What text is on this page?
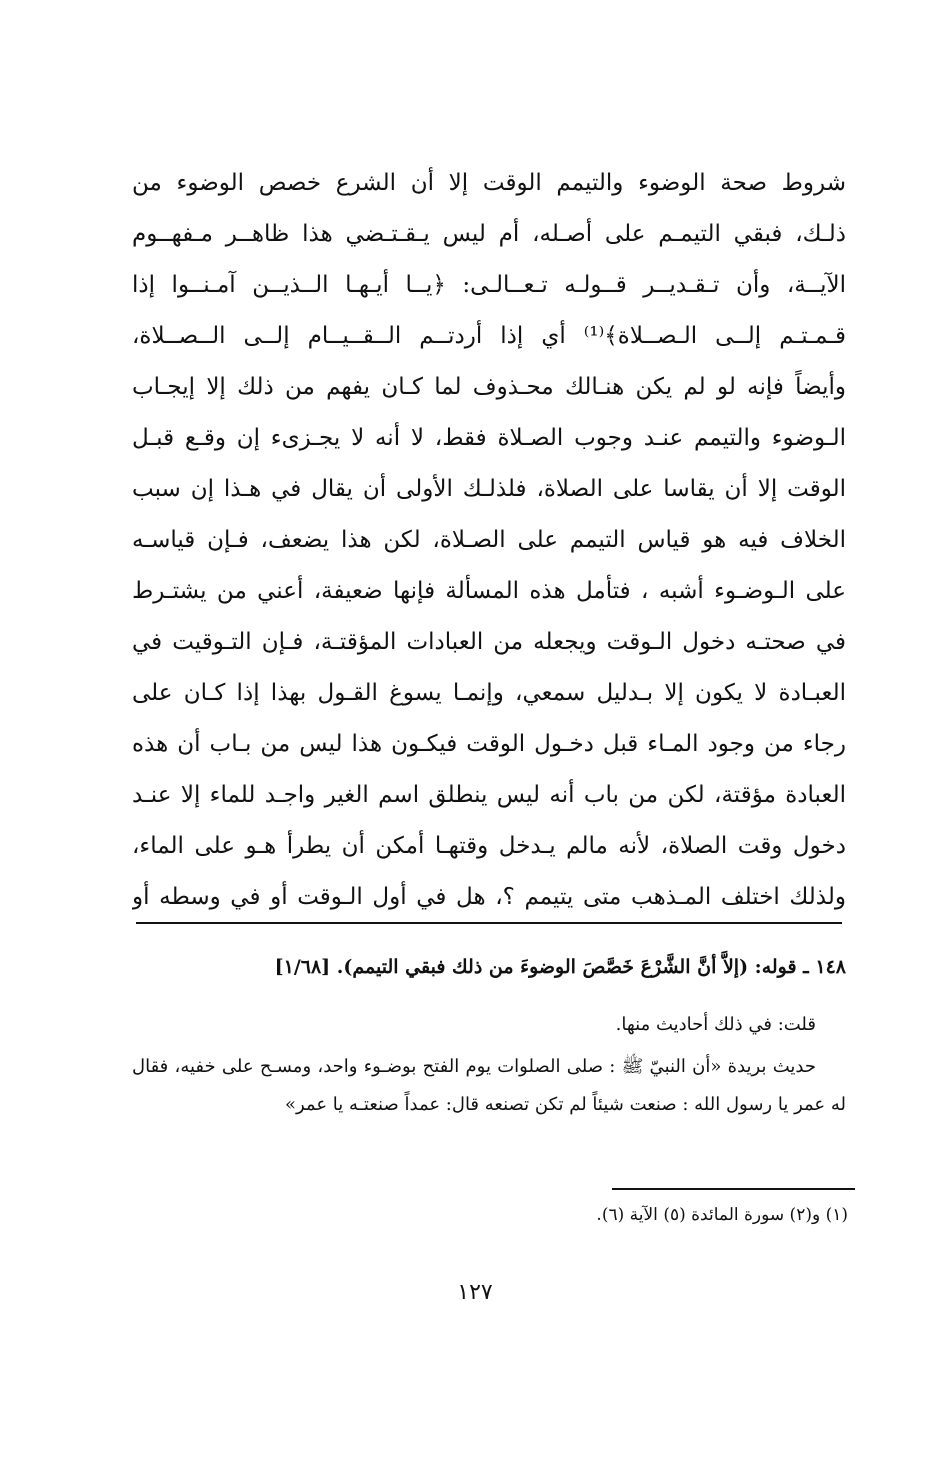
شروط صحة الوضوء والتيمم الوقت إلا أن الشرع خصص الوضوء من
ذلـك، فبقي التيمـم على أصـله، أم ليس يـقـتـضي هذا ظاهــر مـفهــوم
الآيــة، وأن تـقـديــر قــولـه تـعــالـى: ﴿يــا أيـهـا الــذيــن آمـنــوا إذا
قـمـتـم إلــى الـصــلاة﴾⁽¹⁾ أي إذا أردتــم الــقــيــام إلــى الــصــلاة،
وأيضاً فإنه لو لم يكن هنـالك محـذوف لما كـان يفهم من ذلك إلا إيجـاب
الـوضوء والتيمم عنـد وجوب الصـلاة فقط، لا أنه لا يجـزىء إن وقـع قبـل
الوقت إلا أن يقاسا على الصلاة، فلذلـك الأولى أن يقال في هـذا إن سبب
الخلاف فيه هو قياس التيمم على الصـلاة، لكن هذا يضعف، فـإن قياسـه
على الـوضـوء أشبه ، فتأمل هذه المسألة فإنها ضعيفة، أعني من يشتـرط
في صحتـه دخول الـوقت ويجعله من العبادات المؤقتـة، فـإن التـوقيت في
العبـادة لا يكون إلا بـدليل سمعي، وإنمـا يسوغ القـول بهذا إذا كـان على
رجاء من وجود المـاء قبل دخـول الوقت فيكـون هذا ليس من بـاب أن هذه
العبادة مؤقتة، لكن من باب أنه ليس ينطلق اسم الغير واجـد للماء إلا عنـد
دخول وقت الصلاة، لأنه مالم يـدخل وقتهـا أمكن أن يطرأ هـو على الماء،
ولذلك اختلف المـذهب متى يتيمم ؟، هل في أول الـوقت أو في وسطه أو
١٤٨ ـ قوله: (إلاَّ أنَّ الشَّرْعَ خَصَّصَ الوضوءَ من ذلك فبقي التيمم). [١/٦٨]
قلت: في ذلك أحاديث منها.
حديث بريدة «أن النبيّ ﷺ : صلى الصلوات يوم الفتح بوضـوء واحد، ومسـح على خفيه، فقال له عمر يا رسول الله : صنعت شيئاً لم تكن تصنعه قال: عمداً صنعتـه يا عمر»
(١) و(٢) سورة المائدة (٥) الآية (٦).
١٢٧
